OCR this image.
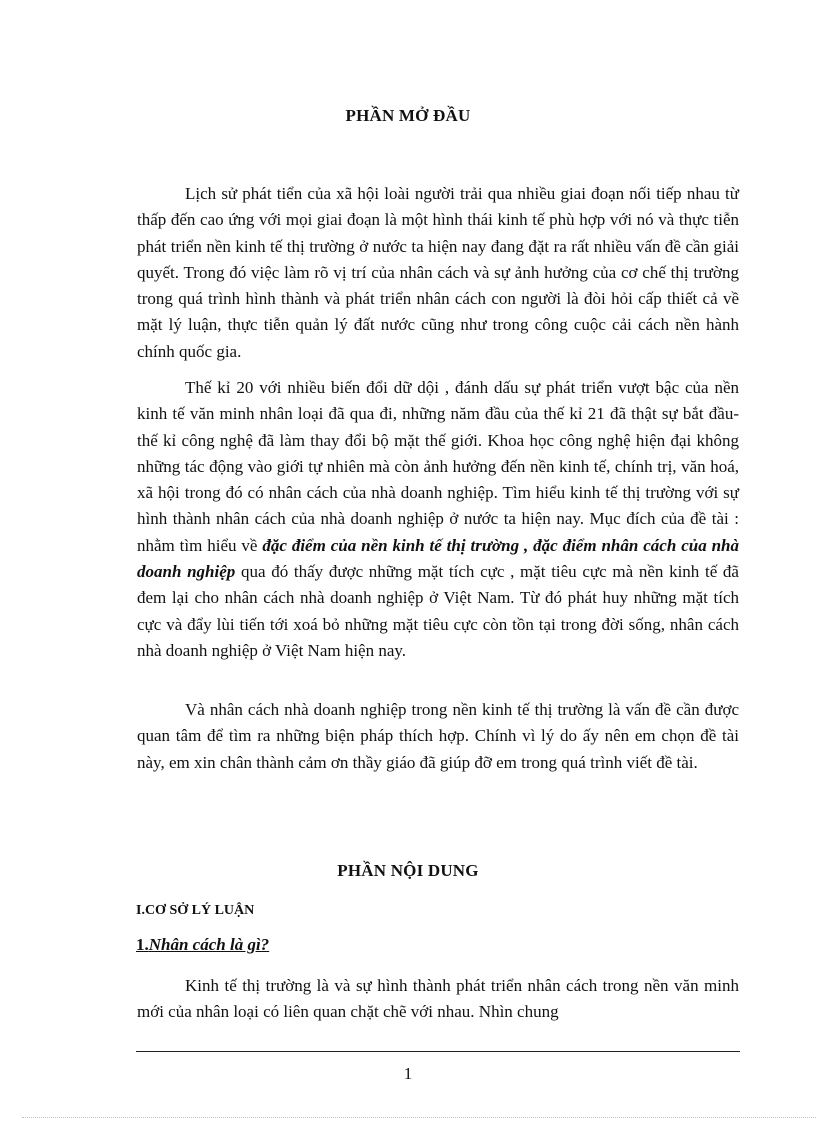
PHẦN MỞ ĐẦU

Lịch sử phát tiển của xã hội loài người trải qua nhiều giai đoạn nối tiếp nhau từ thấp đến cao ứng với mọi giai đoạn là một hình thái kinh tế phù hợp với nó và thực tiễn phát triển nền kinh tế thị trường ở nước ta hiện nay đang đặt ra rất nhiều vấn đề cần giải quyết. Trong đó việc làm rõ vị trí của nhân cách và sự ảnh hưởng của cơ chế thị trường trong quá trình hình thành và phát triển nhân cách con người là đòi hỏi cấp thiết cả về mặt lý luận, thực tiễn quản lý đất nước cũng như trong công cuộc cải cách nền hành chính quốc gia.

Thế kỉ 20 với nhiều biến đổi dữ dội , đánh dấu sự phát triển vượt bậc của nền kinh tế văn minh nhân loại đã qua đi, những năm đầu của thế kỉ 21 đã thật sự bắt đầu- thế kỉ công nghệ đã làm thay đổi bộ mặt thế giới. Khoa học công nghệ hiện đại không những tác động vào giới tự nhiên mà còn ảnh hưởng đến nền kinh tế, chính trị, văn hoá, xã hội trong đó có nhân cách của nhà doanh nghiệp. Tìm hiểu kinh tế thị trường với sự hình thành nhân cách của nhà doanh nghiệp ở nước ta hiện nay. Mục đích của đề tài : nhằm tìm hiểu về đặc điểm của nền kinh tế thị trường , đặc điểm nhân cách của nhà doanh nghiệp qua đó thấy được những mặt tích cực , mặt tiêu cực mà nền kinh tế đã đem lại cho nhân cách nhà doanh nghiệp ở Việt Nam. Từ đó phát huy những mặt tích cực và đẩy lùi tiến tới xoá bỏ những mặt tiêu cực còn tồn tại trong đời sống, nhân cách nhà doanh nghiệp ở Việt Nam hiện nay.

Và nhân cách nhà doanh nghiệp trong nền kinh tế thị trường là vấn đề cần được quan tâm để tìm ra những biện pháp thích hợp. Chính vì lý do ấy nên em chọn đề tài này, em xin chân thành cảm ơn thầy giáo đã giúp đỡ em trong quá trình viết đề tài.

PHẦN NỘI DUNG
I.CƠ SỞ LÝ LUẬN
1.Nhân cách là gì?

Kinh tế thị trường là và sự hình thành phát triển nhân cách trong nền văn minh mới của nhân loại có liên quan chặt chẽ với nhau. Nhìn chung

1
